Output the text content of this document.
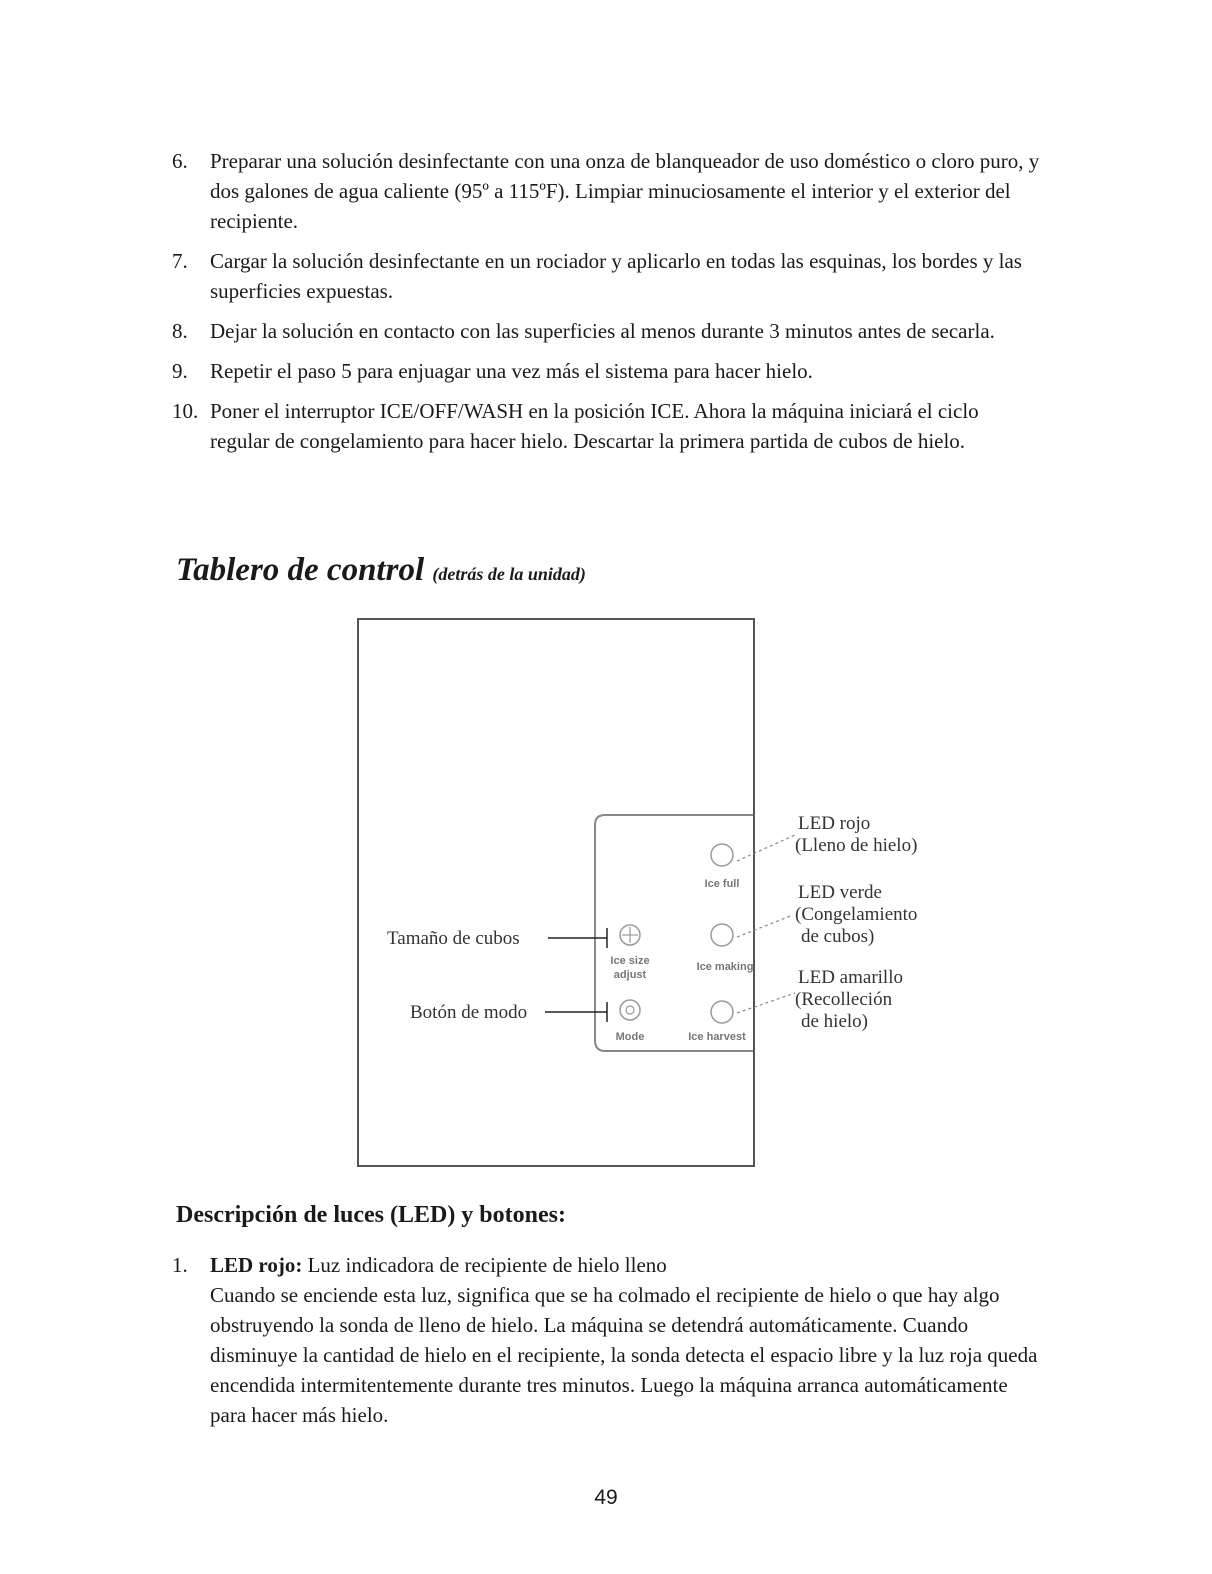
6.	Preparar una solución desinfectante con una onza de blanqueador de uso doméstico o cloro puro, y dos galones de agua caliente (95º a 115ºF). Limpiar minuciosamente el interior y el exterior del recipiente.
7.	Cargar la solución desinfectante en un rociador y aplicarlo en todas las esquinas, los bordes y las superficies expuestas.
8.	Dejar la solución en contacto con las superficies al menos durante 3 minutos antes de secarla.
9.	Repetir el paso 5 para enjuagar una vez más el sistema para hacer hielo.
10. Poner el interruptor ICE/OFF/WASH en la posición ICE. Ahora la máquina iniciará el ciclo regular de congelamiento para hacer hielo. Descartar la primera partida de cubos de hielo.
Tablero de control (detrás de la unidad)
Ice full
Ice making
Ice harvest
Ice size
adjust
Mode
Tamaño de cubos
Botón de modo
LED rojo
(Lleno de hielo)
LED verde
(Congelamiento
de cubos)
LED amarillo
(Recolleción
de hielo)
Descripción de luces (LED) y botones:
1.	LED rojo: Luz indicadora de recipiente de hielo lleno
Cuando se enciende esta luz, significa que se ha colmado el recipiente de hielo o que hay algo obstruyendo la sonda de lleno de hielo. La máquina se detendrá automáticamente. Cuando disminuye la cantidad de hielo en el recipiente, la sonda detecta el espacio libre y la luz roja queda encendida intermitentemente durante tres minutos. Luego la máquina arranca automáticamente para hacer más hielo.
49
